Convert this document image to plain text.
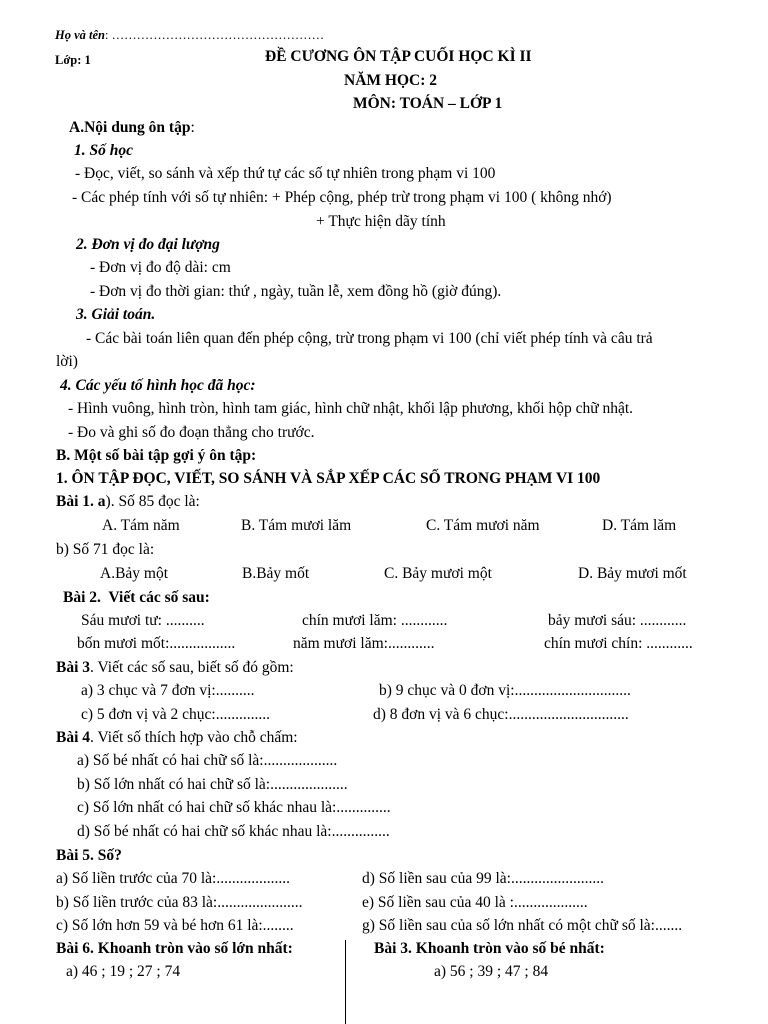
Họ và tên: ……………………………………………
Lớp: 1	ĐỀ CƯƠNG ÔN TẬP CUỐI HỌC KÌ II
NĂM HỌC: 2
MÔN: TOÁN – LỚP 1
A.Nội dung ôn tập:
1. Số học
- Đọc, viết, so sánh và xếp thứ tự các số tự nhiên trong phạm vi 100
- Các phép tính với số tự nhiên: + Phép cộng, phép trừ trong phạm vi 100 ( không nhớ)
+ Thực hiện dãy tính
2. Đơn vị đo đại lượng
- Đơn vị đo độ dài: cm
- Đơn vị đo thời gian: thứ , ngày, tuần lễ, xem đồng hồ (giờ đúng).
3. Giải toán.
- Các bài toán liên quan đến phép cộng, trừ trong phạm vi 100 (chỉ viết phép tính và câu trả
lời)
4. Các yếu tố hình học đã học:
- Hình vuông, hình tròn, hình tam giác, hình chữ nhật, khối lập phương, khối hộp chữ nhật.
- Đo và ghi số đo đoạn thẳng cho trước.
B. Một số bài tập gợi ý ôn tập:
1. ÔN TẬP ĐỌC, VIẾT, SO SÁNH VÀ SẮP XẾP CÁC SỐ TRONG PHẠM VI 100
Bài 1. a). Số 85 đọc là:
A. Tám năm	B. Tám mươi lăm	C. Tám mươi năm	D. Tám lăm
b) Số 71 đọc là:
A.Bảy một	B.Bảy mốt	C. Bảy mươi một	D. Bảy mươi mốt
Bài 2. Viết các số sau:
Sáu mươi tư: ..........	chín mươi lăm: ............	bảy mươi sáu: ............
bốn mươi mốt:.................	năm mươi lăm:............	chín mươi chín: ............
Bài 3. Viết các số sau, biết số đó gồm:
a) 3 chục và 7 đơn vị:..........	b) 9 chục và 0 đơn vị:..............................
c) 5 đơn vị và 2 chục:..............	d) 8 đơn vị và 6 chục:...............................
Bài 4. Viết số thích hợp vào chỗ chấm:
a) Số bé nhất có hai chữ số là:...................
b) Số lớn nhất có hai chữ số là:....................
c) Số lớn nhất có hai chữ số khác nhau là:..............
d) Số bé nhất có hai chữ số khác nhau là:...............
Bài 5. Số?
a) Số liền trước của 70 là:...................	d) Số liền sau của 99 là:........................
b) Số liền trước của 83 là:......................	e) Số liền sau của 40 là :...................
c) Số lớn hơn 59 và bé hơn 61 là:........	g) Số liền sau của số lớn nhất có một chữ số là:.......
Bài 6. Khoanh tròn vào số lớn nhất:
a) 46 ; 19 ; 27 ; 74
Bài 3. Khoanh tròn vào số bé nhất:
a) 56 ; 39 ; 47 ; 84
